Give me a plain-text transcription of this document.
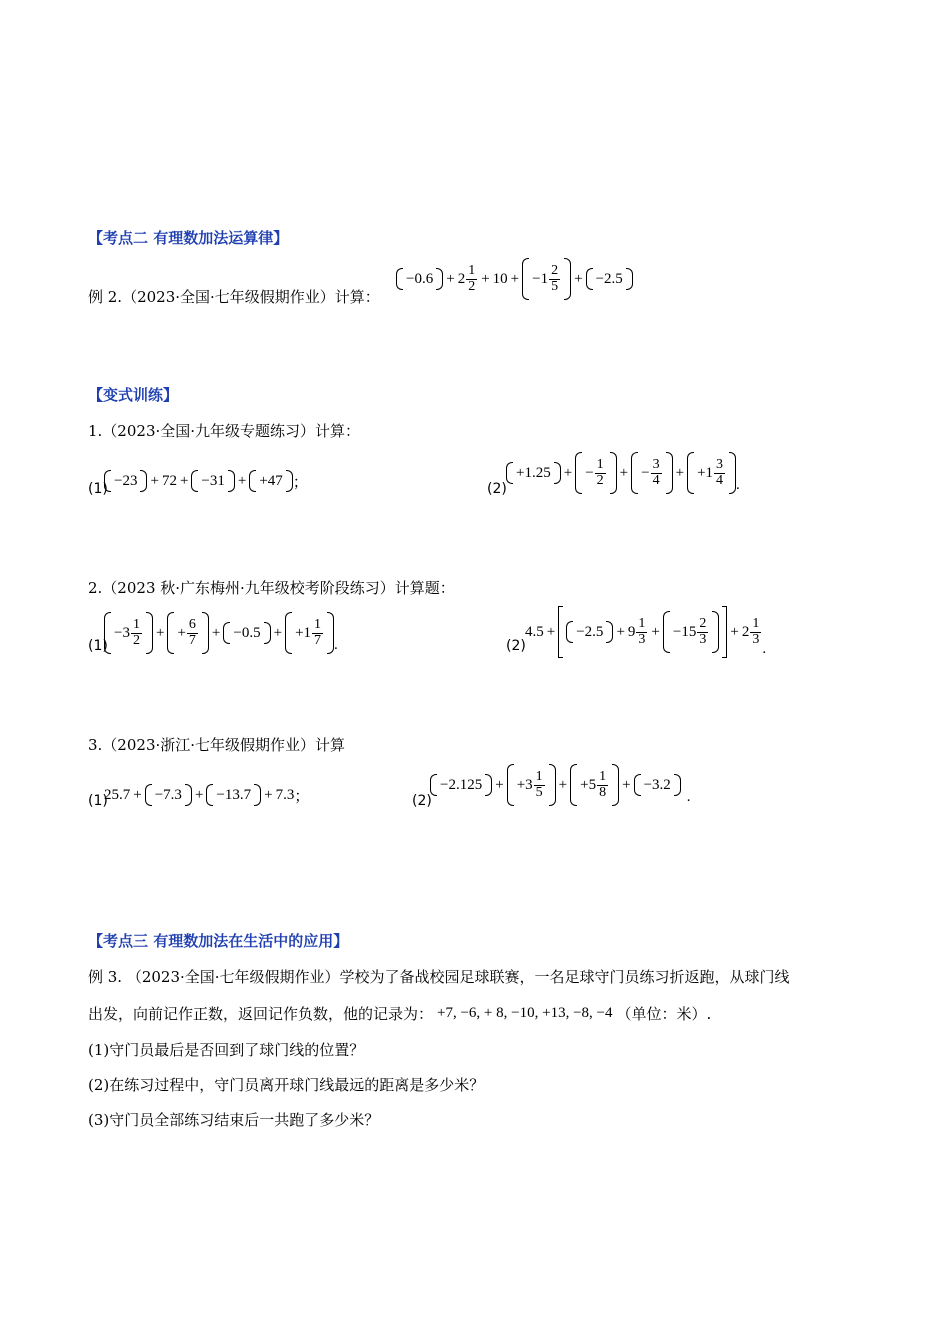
【考点二 有理数加法运算律】
例 2.（2023·全国·七年级假期作业）计算：
$-0.6 + 2 \frac{1}{2} + 10 + -1 \frac{2}{5} + -2.5$
【变式训练】
1.（2023·全国·九年级专题练习）计算：
(1)
−23 + 72 + −31 + +47 ；	(2)
+1.25 + − $\frac{1}{2}$ + − $\frac{3}{4} + +1 \frac{3}{4}$ .
2.（2023 秋·广东梅州·九年级校考阶段练习）计算题：
(1)
$-3 \frac{1}{2}$ + + $\frac{6}{7} + -0.5 + +1 \frac{1}{7}$ .	(2)
$4.5 + -2.5 + 9 \frac{1}{3} + -15 \frac{2}{3} + 2 \frac{1}{3}$
.
3.（2023·浙江·七年级假期作业）计算
(1)
25.7 + −7.3 + −13.7 + 7.3 ；	(2)
$-2.125 + +3 \frac{1}{5} + +5 \frac{1}{8} + -3.2$
.
【考点三 有理数加法在生活中的应用】
例 3. （2023·全国·七年级假期作业）学校为了备战校园足球联赛，一名足球守门员练习折返跑，从球门线
出发，向前记作正数，返回记作负数，他的记录为： +7, −6, + 8, −10, +13, −8, −4 （单位：米）.
(1)守门员最后是否回到了球门线的位置？
(2)在练习过程中，守门员离开球门线最远的距离是多少米？
(3)守门员全部练习结束后一共跑了多少米？
